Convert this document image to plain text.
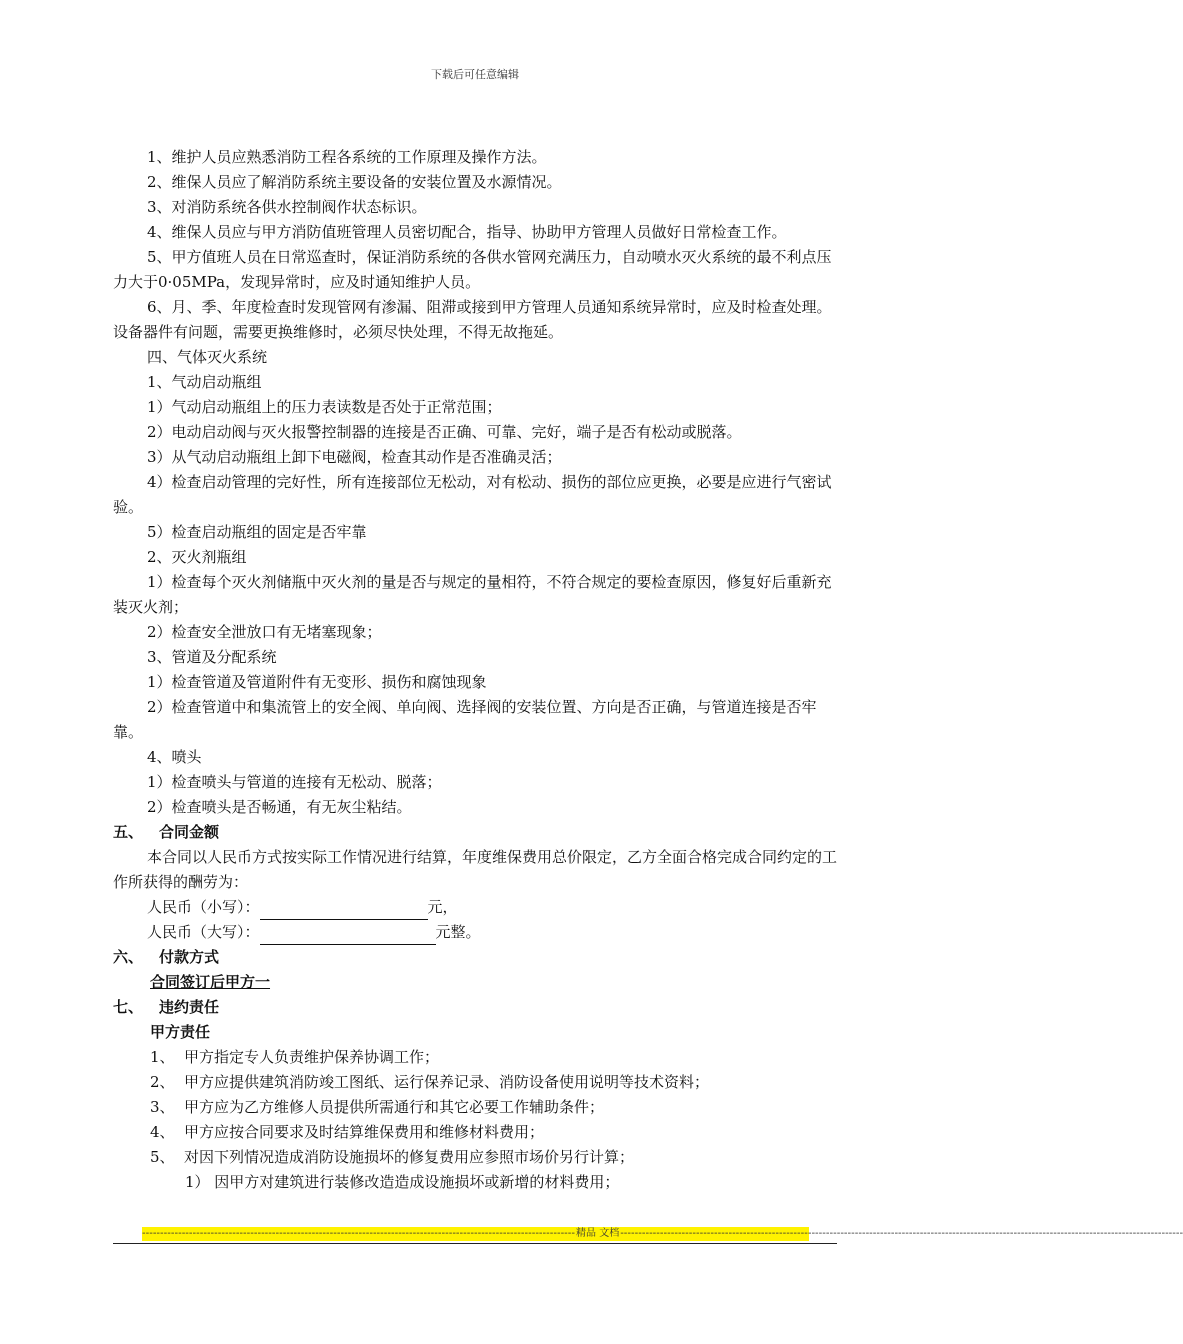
下载后可任意编辑

1、维护人员应熟悉消防工程各系统的工作原理及操作方法。

2、维保人员应了解消防系统主要设备的安装位置及水源情况。

3、对消防系统各供水控制阀作状态标识。

4、维保人员应与甲方消防值班管理人员密切配合，指导、协助甲方管理人员做好日常检查工作。

5、甲方值班人员在日常巡查时，保证消防系统的各供水管网充满压力，自动喷水灭火系统的最不利点压力大于0·05MPa，发现异常时，应及时通知维护人员。

6、月、季、年度检查时发现管网有渗漏、阻滞或接到甲方管理人员通知系统异常时，应及时检查处理。设备器件有问题，需要更换维修时，必须尽快处理，不得无故拖延。

四、气体灭火系统

1、气动启动瓶组

1）气动启动瓶组上的压力表读数是否处于正常范围；

2）电动启动阀与灭火报警控制器的连接是否正确、可靠、完好，端子是否有松动或脱落。

3）从气动启动瓶组上卸下电磁阀，检查其动作是否准确灵活；

4）检查启动管理的完好性，所有连接部位无松动，对有松动、损伤的部位应更换，必要是应进行气密试验。

5）检查启动瓶组的固定是否牢靠

2、灭火剂瓶组

1）检查每个灭火剂储瓶中灭火剂的量是否与规定的量相符，不符合规定的要检查原因，修复好后重新充装灭火剂；

2）检查安全泄放口有无堵塞现象；

3、管道及分配系统

1）检查管道及管道附件有无变形、损伤和腐蚀现象

2）检查管道中和集流管上的安全阀、单向阀、选择阀的安装位置、方向是否正确，与管道连接是否牢靠。

4、喷头

1）检查喷头与管道的连接有无松动、脱落；

2）检查喷头是否畅通，有无灰尘粘结。

五、	合同金额

本合同以人民币方式按实际工作情况进行结算，年度维保费用总价限定，乙方全面合格完成合同约定的工作所获得的酬劳为：

人民币（小写）：	元，

人民币（大写）：	元整。

六、	付款方式

合同签订后甲方一

七、	违约责任

甲方责任

1、 甲方指定专人负责维护保养协调工作；
2、 甲方应提供建筑消防竣工图纸、运行保养记录、消防设备使用说明等技术资料；
3、 甲方应为乙方维修人员提供所需通行和其它必要工作辅助条件；
4、 甲方应按合同要求及时结算维保费用和维修材料费用；
5、 对因下列情况造成消防设施损坏的修复费用应参照市场价另行计算；

1） 因甲方对建筑进行装修改造造成设施损坏或新增的材料费用；

------------------------------------------------------------------------------------------------------------------------ 精品 文档 ------------------------------------------------------------------------------------------------------------------------------------------------------------
